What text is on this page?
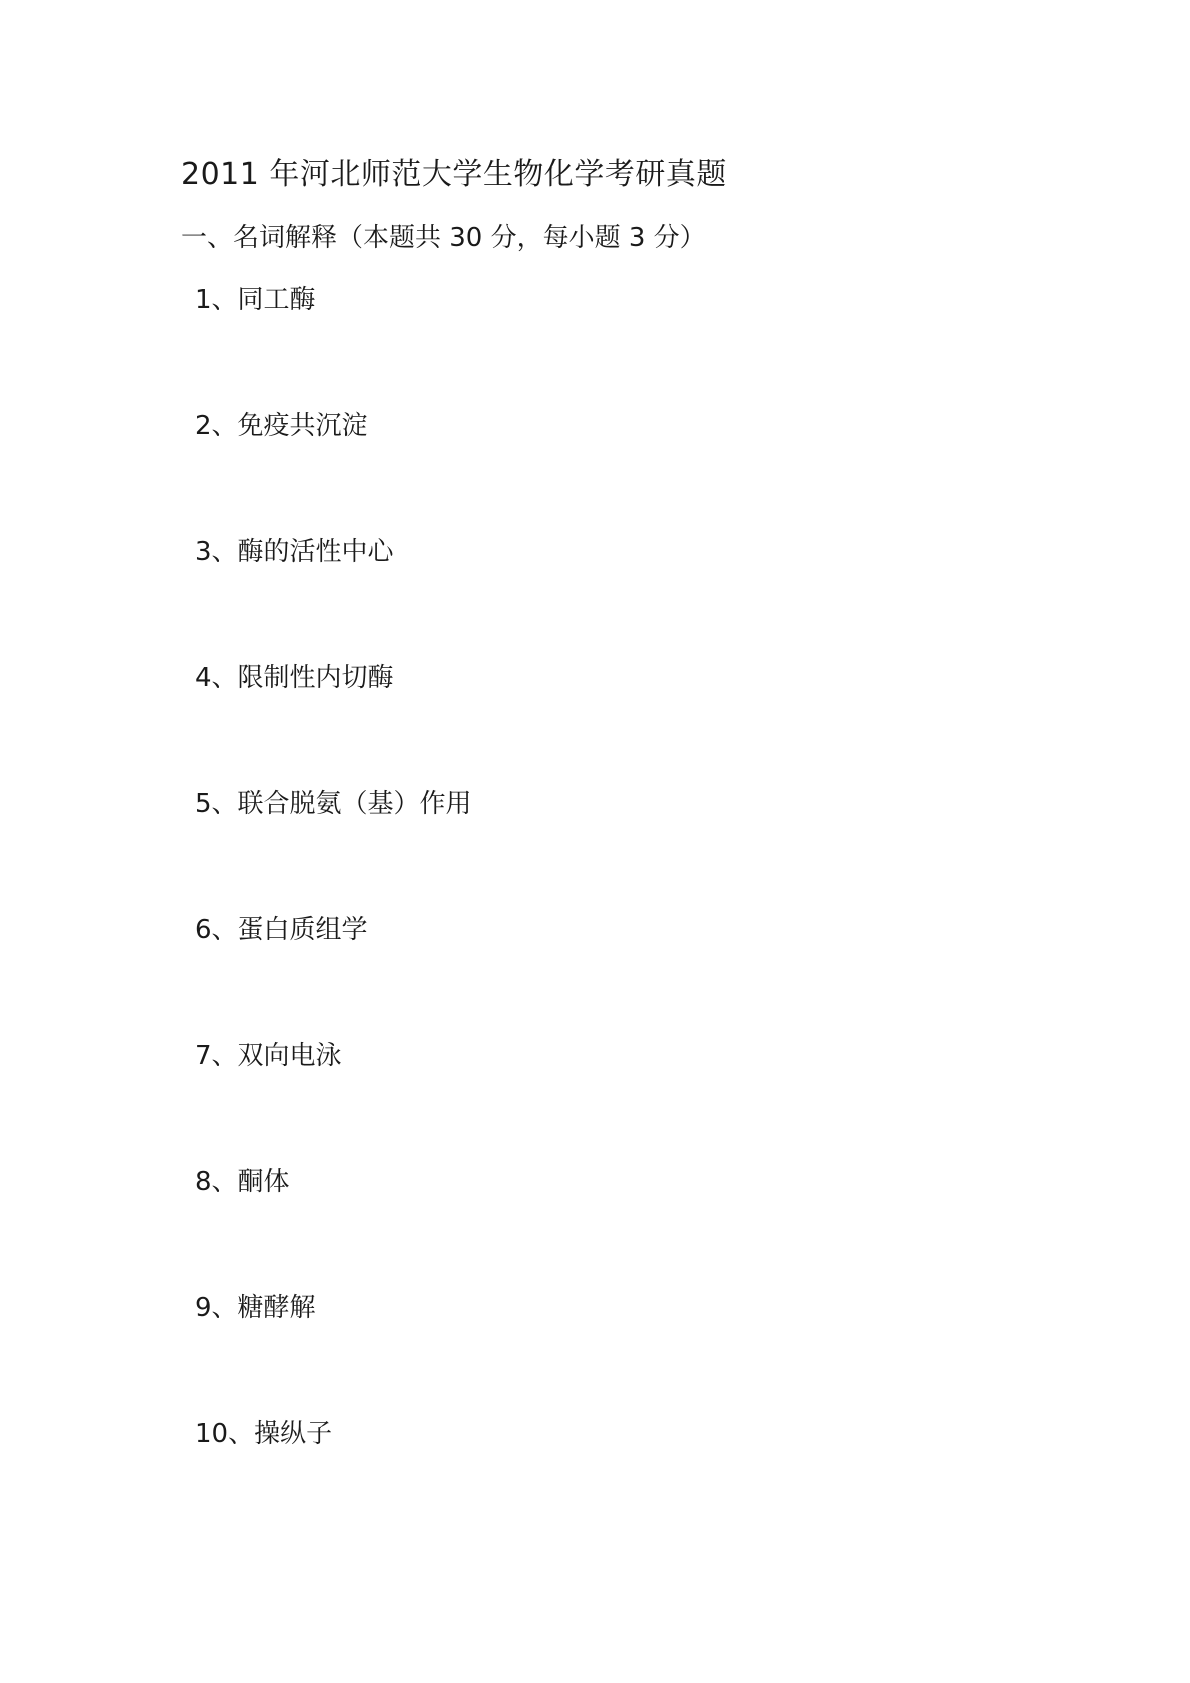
2011 年河北师范大学生物化学考研真题
一、名词解释（本题共 30 分，每小题 3 分）
1、同工酶
2、免疫共沉淀
3、酶的活性中心
4、限制性内切酶
5、联合脱氨（基）作用
6、蛋白质组学
7、双向电泳
8、酮体
9、糖酵解
10、操纵子
